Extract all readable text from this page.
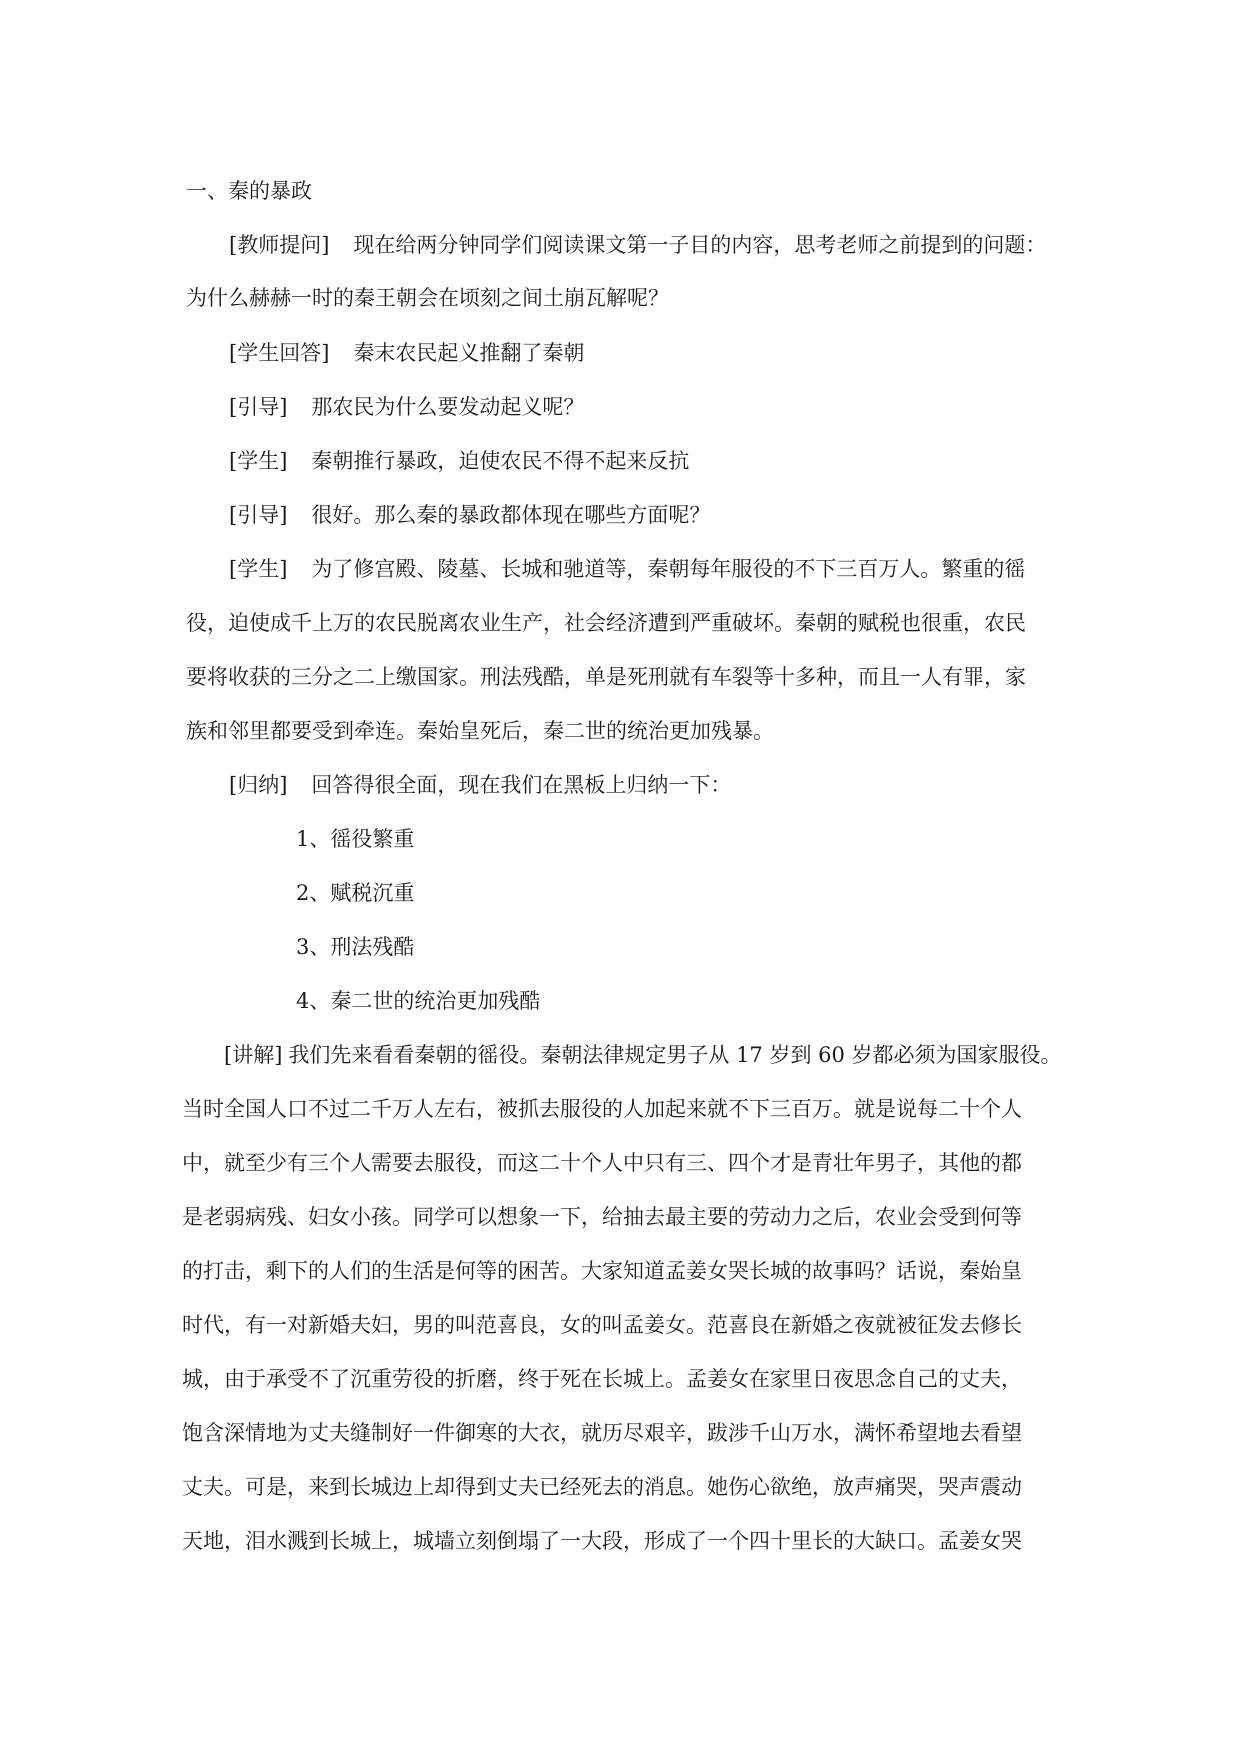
一、秦的暴政
[教师提问] 现在给两分钟同学们阅读课文第一子目的内容，思考老师之前提到的问题：
为什么赫赫一时的秦王朝会在顷刻之间土崩瓦解呢？
[学生回答] 秦末农民起义推翻了秦朝
[引导] 那农民为什么要发动起义呢？
[学生] 秦朝推行暴政，迫使农民不得不起来反抗
[引导] 很好。那么秦的暴政都体现在哪些方面呢？
[学生] 为了修宫殿、陵墓、长城和驰道等，秦朝每年服役的不下三百万人。繁重的徭
役，迫使成千上万的农民脱离农业生产，社会经济遭到严重破坏。秦朝的赋税也很重，农民
要将收获的三分之二上缴国家。刑法残酷，单是死刑就有车裂等十多种，而且一人有罪，家
族和邻里都要受到牵连。秦始皇死后，秦二世的统治更加残暴。
[归纳] 回答得很全面，现在我们在黑板上归纳一下：
1、徭役繁重
2、赋税沉重
3、刑法残酷
4、秦二世的统治更加残酷
[讲解] 我们先来看看秦朝的徭役。秦朝法律规定男子从 17 岁到 60 岁都必须为国家服役。
当时全国人口不过二千万人左右，被抓去服役的人加起来就不下三百万。就是说每二十个人
中，就至少有三个人需要去服役，而这二十个人中只有三、四个才是青壮年男子，其他的都
是老弱病残、妇女小孩。同学可以想象一下，给抽去最主要的劳动力之后，农业会受到何等
的打击，剩下的人们的生活是何等的困苦。大家知道孟姜女哭长城的故事吗？话说，秦始皇
时代，有一对新婚夫妇，男的叫范喜良，女的叫孟姜女。范喜良在新婚之夜就被征发去修长
城，由于承受不了沉重劳役的折磨，终于死在长城上。孟姜女在家里日夜思念自己的丈夫，
饱含深情地为丈夫缝制好一件御寒的大衣，就历尽艰辛，跋涉千山万水，满怀希望地去看望
丈夫。可是，来到长城边上却得到丈夫已经死去的消息。她伤心欲绝，放声痛哭，哭声震动
天地，泪水溅到长城上，城墙立刻倒塌了一大段，形成了一个四十里长的大缺口。孟姜女哭
